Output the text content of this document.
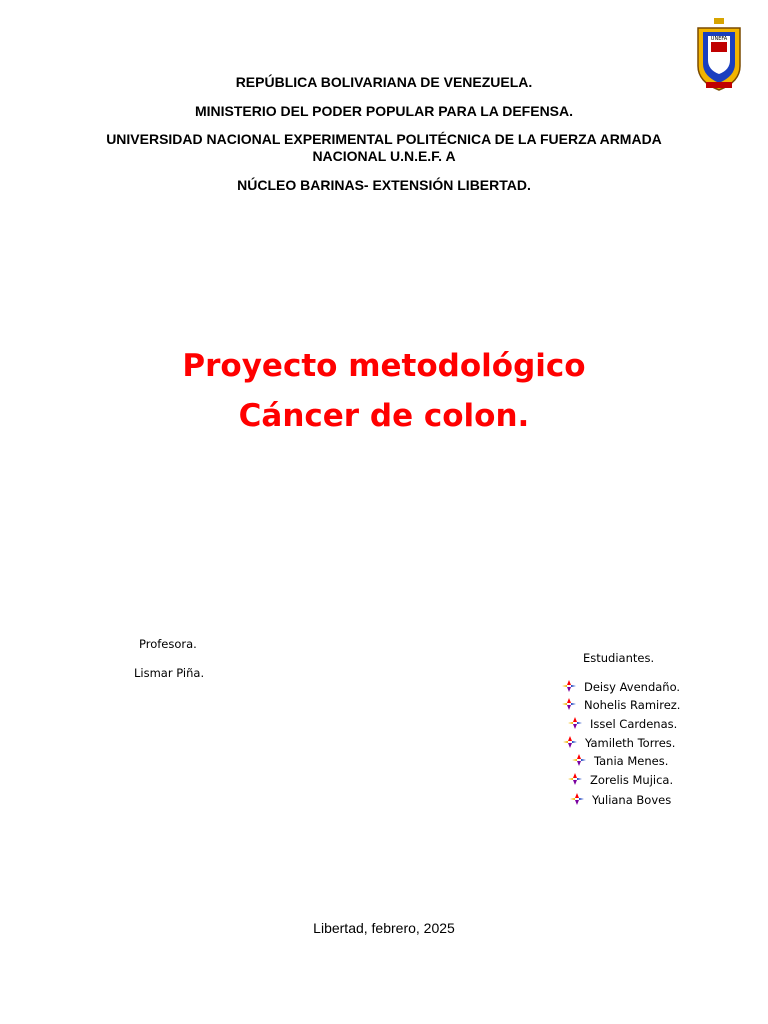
UNEFA
REPÚBLICA BOLIVARIANA DE VENEZUELA.
MINISTERIO DEL PODER POPULAR PARA LA DEFENSA.
UNIVERSIDAD NACIONAL EXPERIMENTAL POLITÉCNICA DE LA FUERZA ARMADA
NACIONAL U.N.E.F. A
NÚCLEO BARINAS- EXTENSIÓN LIBERTAD.
Proyecto metodológico
Cáncer de colon.
Profesora.
Lismar Piña.
Estudiantes.
Deisy Avendaño.
Nohelis Ramirez.
Issel Cardenas.
Yamileth Torres.
Tania Menes.
Zorelis Mujica.
Yuliana Boves
Libertad, febrero, 2025
